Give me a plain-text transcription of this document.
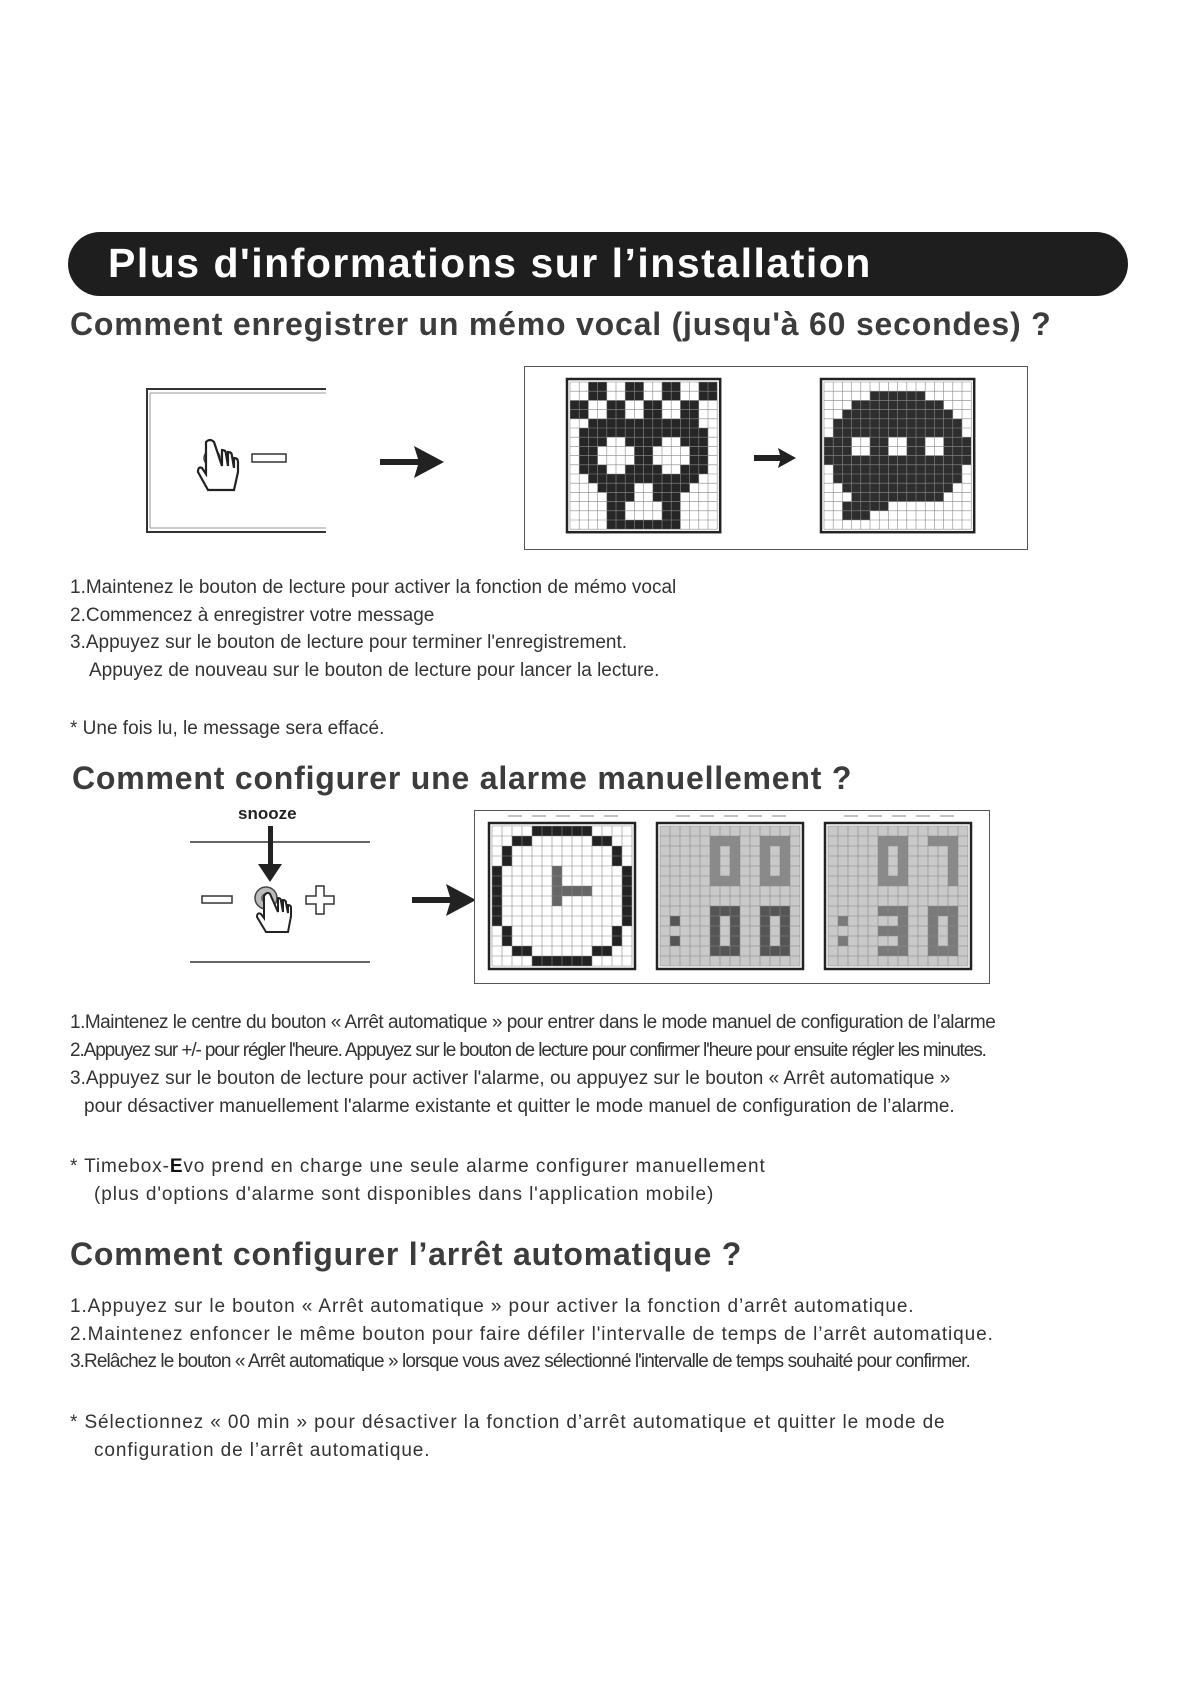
Plus d'informations sur l’installation
Comment enregistrer un mémo vocal (jusqu'à 60 secondes) ?

1.Maintenez le bouton de lecture pour activer la fonction de mémo vocal

2.Commencez à enregistrer votre message

3.Appuyez sur le bouton de lecture pour terminer l'enregistrement.

Appuyez de nouveau sur le bouton de lecture pour lancer la lecture.

* Une fois lu, le message sera effacé.

Comment configurer une alarme manuellement ?
snooze

1.Maintenez le centre du bouton « Arrêt automatique » pour entrer dans le mode manuel de configuration de l’alarme

2.Appuyez sur +/- pour régler l'heure. Appuyez sur le bouton de lecture pour confirmer l'heure pour ensuite régler les minutes.

3.Appuyez sur le bouton de lecture pour activer l'alarme, ou appuyez sur le bouton « Arrêt automatique »

pour désactiver manuellement l'alarme existante et quitter le mode manuel de configuration de l’alarme.

* Timebox-Evo prend en charge une seule alarme configurer manuellement

(plus d'options d'alarme sont disponibles dans l'application mobile)

Comment configurer l’arrêt automatique ?

1.Appuyez sur le bouton « Arrêt automatique » pour activer la fonction d’arrêt automatique.

2.Maintenez enfoncer le même bouton pour faire défiler l'intervalle de temps de l’arrêt automatique.

3.Relâchez le bouton « Arrêt automatique » lorsque vous avez sélectionné l'intervalle de temps souhaité pour confirmer.

* Sélectionnez « 00 min » pour désactiver la fonction d’arrêt automatique et quitter le mode de

configuration de l’arrêt automatique.
